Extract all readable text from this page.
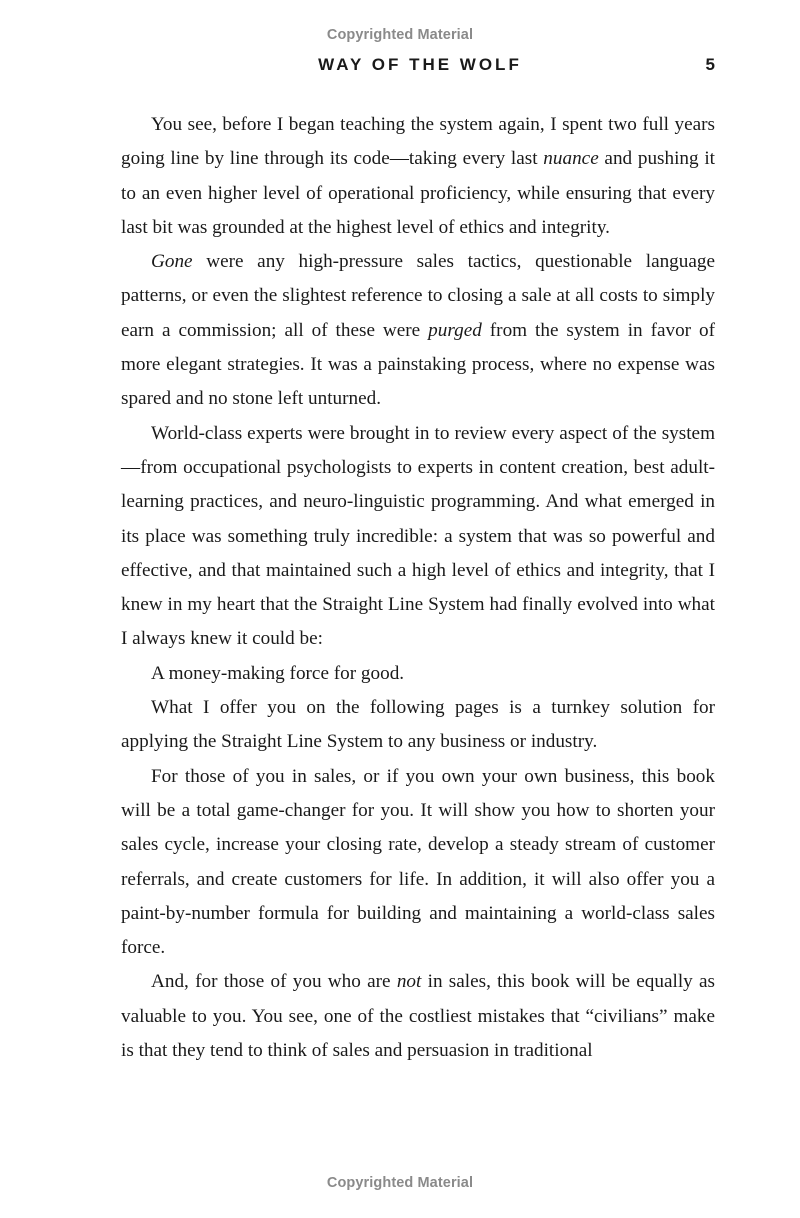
Copyrighted Material
WAY OF THE WOLF	5

You see, before I began teaching the system again, I spent two full years going line by line through its code—taking every last nuance and pushing it to an even higher level of operational proficiency, while ensuring that every last bit was grounded at the highest level of ethics and integrity.

Gone were any high-pressure sales tactics, questionable language patterns, or even the slightest reference to closing a sale at all costs to simply earn a commission; all of these were purged from the system in favor of more elegant strategies. It was a painstaking process, where no expense was spared and no stone left unturned.

World-class experts were brought in to review every aspect of the system—from occupational psychologists to experts in content creation, best adult-learning practices, and neuro-linguistic programming. And what emerged in its place was something truly incredible: a system that was so powerful and effective, and that maintained such a high level of ethics and integrity, that I knew in my heart that the Straight Line System had finally evolved into what I always knew it could be:

A money-making force for good.

What I offer you on the following pages is a turnkey solution for applying the Straight Line System to any business or industry.

For those of you in sales, or if you own your own business, this book will be a total game-changer for you. It will show you how to shorten your sales cycle, increase your closing rate, develop a steady stream of customer referrals, and create customers for life. In addition, it will also offer you a paint-by-number formula for building and maintaining a world-class sales force.

And, for those of you who are not in sales, this book will be equally as valuable to you. You see, one of the costliest mistakes that “civilians” make is that they tend to think of sales and persuasion in traditional

Copyrighted Material
